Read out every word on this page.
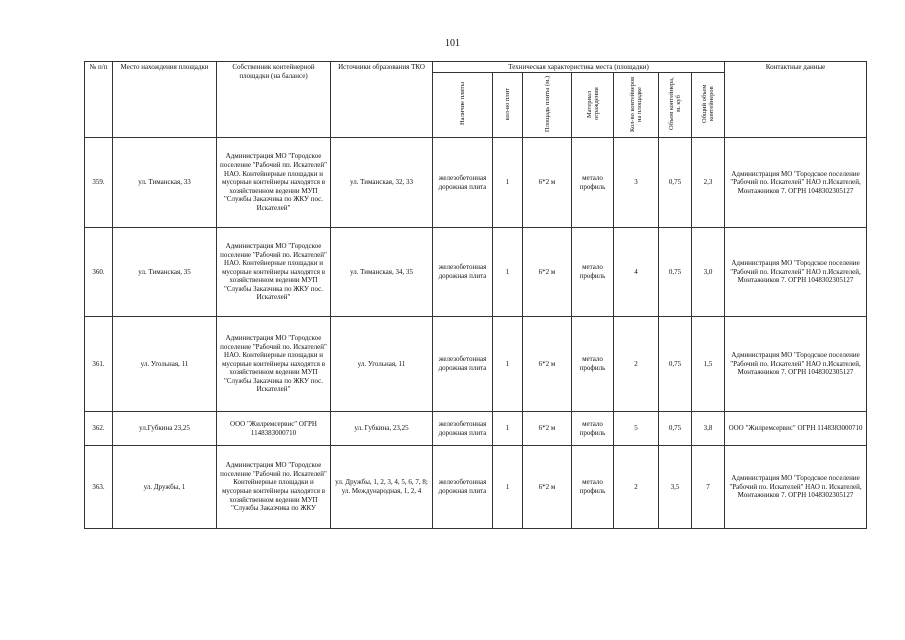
101
№ п/п	Место нахождения площадки	Собственник контейнерной площадки (на балансе)	Источники образования ТКО	Техническая характеристика места (площадки)							Контактные данные
				Наличие плиты	кол-во плит	Площадь плиты (м.)	Материал ограждения	Кол-во контейнеров на площадке	Объем контейнера, м. куб	Общий объем контейнеров	
359.	ул. Тиманская, 33	Администрация МО "Городское поселение "Рабочий пп. Искателей" НАО. Контейнерные площадки и мусорные контейнеры находятся в хозяйственном ведении МУП "Службы Заказчика по ЖКУ пос. Искателей"	ул. Тиманская, 32, 33	железобетонная дорожная плита	1	6*2 м	метало профиль	3	0,75	2,3	Администрация МО "Городское поселение "Рабочий по. Искателей" НАО п.Искателей, Монтажников 7. ОГРН 1048302305127
360.	ул. Тиманская, 35	Администрация МО "Городское поселение "Рабочий по. Искателей" НАО. Контейнерные площадки и мусорные контейнеры находятся в хозяйственном ведении МУП "Службы Заказчика по ЖКУ пос. Искателей"	ул. Тиманская, 34, 35	железобетонная дорожная плита	1	6*2 м	метало профиль	4	0,75	3,0	Администрация МО "Городское поселение "Рабочий по. Искателей" НАО п.Искателей, Монтажников 7. ОГРН 1048302305127
361.	ул. Угольная, 11	Администрация МО "Городское поселение "Рабочий по. Искателей" НАО. Контейнерные площадки и мусорные контейнеры находятся в хозяйственном ведении МУП "Службы Заказчика по ЖКУ пос. Искателей"	ул. Угольная, 11	железобетонная дорожная плита	1	6*2 м	метало профиль	2	0,75	1,5	Администрация МО "Городское поселение "Рабочий по. Искателей" НАО п.Искателей, Монтажников 7. ОГРН 1048302305127
362.	ул.Губкина 23,25	ООО "Жилремсервис" ОГРН 1148383000710	ул. Губкина, 23,25	железобетонная дорожная плита	1	6*2 м	метало профиль	5	0,75	3,8	ООО "Жилремсервис" ОГРН 1148383000710
363.	ул. Дружбы, 1	Администрация МО "Городское поселение "Рабочий по. Искателей" Контейнерные площадки и мусорные контейнеры находятся в хозяйственном ведении МУП "Службы Заказчика по ЖКУ	ул. Дружбы, 1, 2, 3, 4, 5, 6, 7, 8; ул. Международная, 1, 2, 4	железобетонная дорожная плита	1	6*2 м	метало профиль	2	3,5	7	Администрация МО "Городское поселение "Рабочий по. Искателей" НАО п. Искателей, Монтажников 7. ОГРН 1048302305127
